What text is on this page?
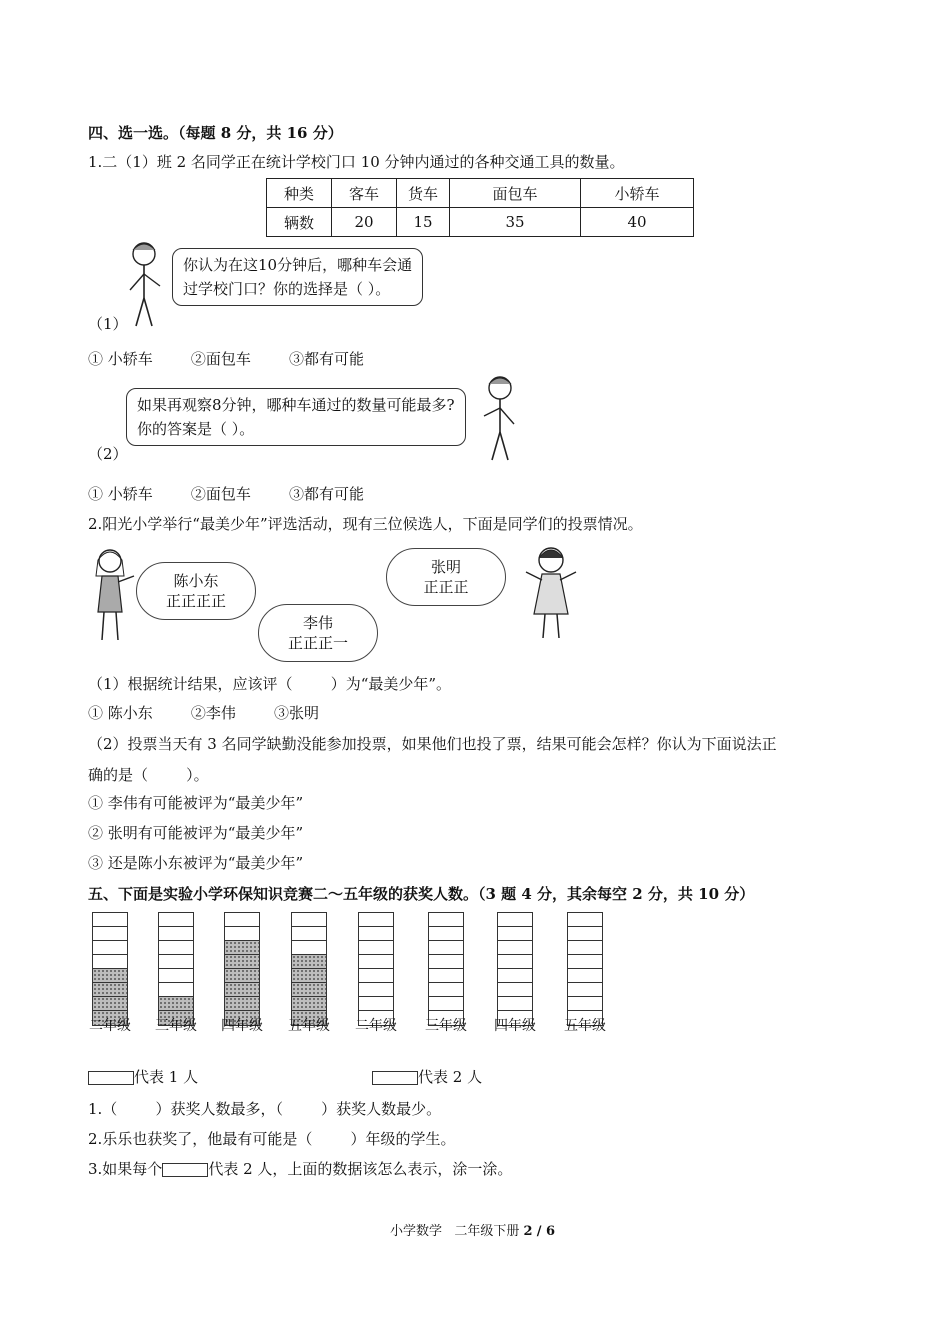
四、选一选。（每题 8 分，共 16 分）
1.二（1）班 2 名同学正在统计学校门口 10 分钟内通过的各种交通工具的数量。
种类	客车	货车	面包车	小轿车
辆数	20	15	35	40
你认为在这10分钟后，哪种车会通
过学校门口？你的选择是（ ）。
（1）
① 小轿车        ②面包车        ③都有可能
如果再观察8分钟，哪种车通过的数量可能最多?
你的答案是（ ）。
（2）
① 小轿车        ②面包车        ③都有可能
2.阳光小学举行“最美少年”评选活动，现有三位候选人，下面是同学们的投票情况。
陈小东
正正正正
李伟
正正正一
张明
正正正
（1）根据统计结果，应该评（        ）为“最美少年”。
① 陈小东        ②李伟        ③张明
（2）投票当天有 3 名同学缺勤没能参加投票，如果他们也投了票，结果可能会怎样？你认为下面说法正
确的是（        ）。
① 李伟有可能被评为“最美少年”
② 张明有可能被评为“最美少年”
③ 还是陈小东被评为“最美少年”
五、下面是实验小学环保知识竞赛二～五年级的获奖人数。（3 题 4 分，其余每空 2 分，共 10 分）
二年级	三年级	四年级	五年级	二年级	三年级	四年级	五年级
代表 1 人	代表 2 人
1.（        ）获奖人数最多，（        ）获奖人数最少。
2.乐乐也获奖了，他最有可能是（        ）年级的学生。
3.如果每个	代表 2 人，上面的数据该怎么表示，涂一涂。
小学数学   二年级下册 2 / 6
